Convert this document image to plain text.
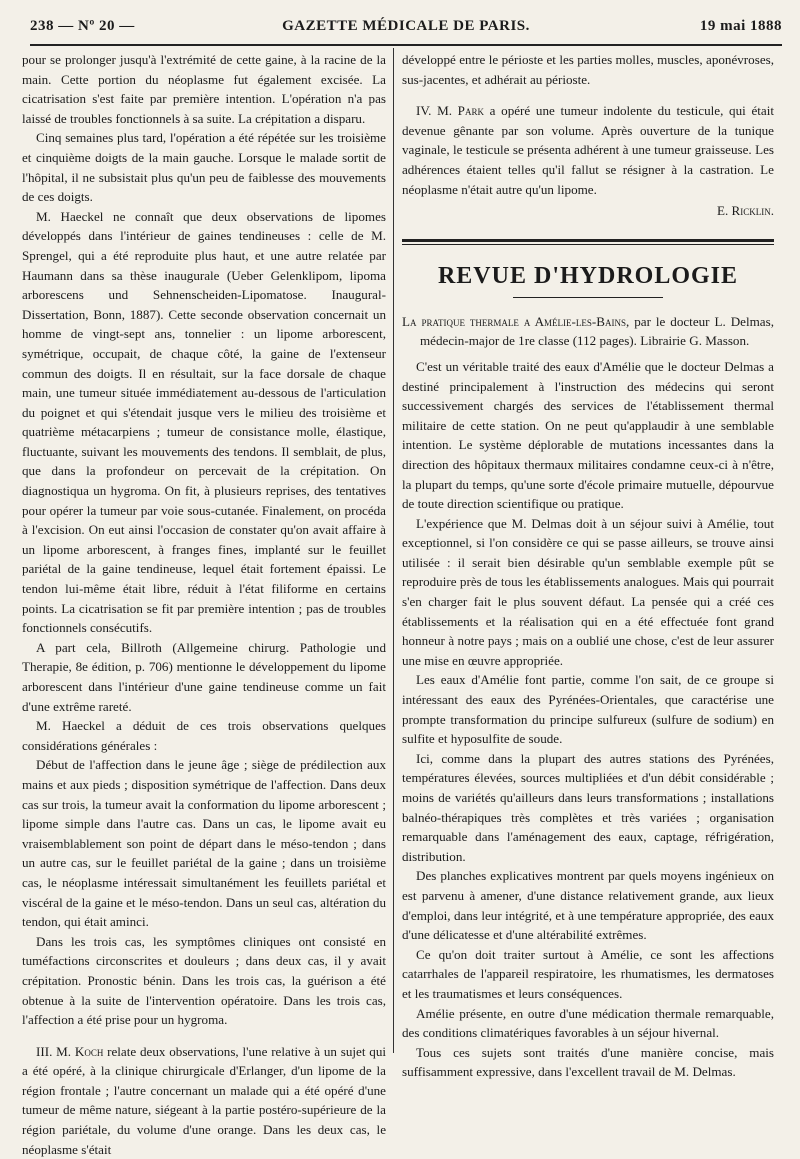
238 — Nº 20 —	GAZETTE MÉDICALE DE PARIS.	19 mai 1888

pour se prolonger jusqu'à l'extrémité de cette gaine, à la racine de la main. Cette portion du néoplasme fut également excisée. La cicatrisation s'est faite par première intention. L'opération n'a pas laissé de troubles fonctionnels à sa suite. La crépitation a disparu.

Cinq semaines plus tard, l'opération a été répétée sur les troisième et cinquième doigts de la main gauche. Lorsque le malade sortit de l'hôpital, il ne subsistait plus qu'un peu de faiblesse des mouvements de ces doigts.

M. Haeckel ne connaît que deux observations de lipomes développés dans l'intérieur de gaines tendineuses : celle de M. Sprengel, qui a été reproduite plus haut, et une autre relatée par Haumann dans sa thèse inaugurale (Ueber Gelenklipom, lipoma arborescens und Sehnenscheiden-Lipomatose. Inaugural-Dissertation, Bonn, 1887). Cette seconde observation concernait un homme de vingt-sept ans, tonnelier : un lipome arborescent, symétrique, occupait, de chaque côté, la gaine de l'extenseur commun des doigts. Il en résultait, sur la face dorsale de chaque main, une tumeur située immédiatement au-dessous de l'articulation du poignet et qui s'étendait jusque vers le milieu des troisième et quatrième métacarpiens ; tumeur de consistance molle, élastique, fluctuante, suivant les mouvements des tendons. Il semblait, de plus, que dans la profondeur on percevait de la crépitation. On diagnostiqua un hygroma. On fit, à plusieurs reprises, des tentatives pour opérer la tumeur par voie sous-cutanée. Finalement, on procéda à l'excision. On eut ainsi l'occasion de constater qu'on avait affaire à un lipome arborescent, à franges fines, implanté sur le feuillet pariétal de la gaine tendineuse, lequel était fortement épaissi. Le tendon lui-même était libre, réduit à l'état filiforme en certains points. La cicatrisation se fit par première intention ; pas de troubles fonctionnels consécutifs.

A part cela, Billroth (Allgemeine chirurg. Pathologie und Therapie, 8e édition, p. 706) mentionne le développement du lipome arborescent dans l'intérieur d'une gaine tendineuse comme un fait d'une extrême rareté.

M. Haeckel a déduit de ces trois observations quelques considérations générales :

Début de l'affection dans le jeune âge ; siège de prédilection aux mains et aux pieds ; disposition symétrique de l'affection. Dans deux cas sur trois, la tumeur avait la conformation du lipome arborescent ; lipome simple dans l'autre cas. Dans un cas, le lipome avait eu vraisemblablement son point de départ dans le méso-tendon ; dans un autre cas, sur le feuillet pariétal de la gaine ; dans un troisième cas, le néoplasme intéressait simultanément les feuillets pariétal et viscéral de la gaine et le méso-tendon. Dans un seul cas, altération du tendon, qui était aminci.

Dans les trois cas, les symptômes cliniques ont consisté en tuméfactions circonscrites et douleurs ; dans deux cas, il y avait crépitation. Pronostic bénin. Dans les trois cas, la guérison a été obtenue à la suite de l'intervention opératoire. Dans les trois cas, l'affection a été prise pour un hygroma.

III. M. Koch relate deux observations, l'une relative à un sujet qui a été opéré, à la clinique chirurgicale d'Erlanger, d'un lipome de la région frontale ; l'autre concernant un malade qui a été opéré d'une tumeur de même nature, siégeant à la partie postéro-supérieure de la région pariétale, du volume d'une orange. Dans les deux cas, le néoplasme s'était

développé entre le périoste et les parties molles, muscles, aponévroses, sus-jacentes, et adhérait au périoste.

IV. M. Park a opéré une tumeur indolente du testicule, qui était devenue gênante par son volume. Après ouverture de la tunique vaginale, le testicule se présenta adhérent à une tumeur graisseuse. Les adhérences étaient telles qu'il fallut se résigner à la castration. Le néoplasme n'était autre qu'un lipome.

E. Ricklin.
REVUE D'HYDROLOGIE

La pratique thermale a Amélie-les-Bains, par le docteur L. Delmas, médecin-major de 1re classe (112 pages). Librairie G. Masson.

C'est un véritable traité des eaux d'Amélie que le docteur Delmas a destiné principalement à l'instruction des médecins qui seront successivement chargés des services de l'établissement thermal militaire de cette station. On ne peut qu'applaudir à une semblable intention. Le système déplorable de mutations incessantes dans la direction des hôpitaux thermaux militaires condamne ceux-ci à n'être, la plupart du temps, qu'une sorte d'école primaire mutuelle, dépourvue de toute direction scientifique ou pratique.

L'expérience que M. Delmas doit à un séjour suivi à Amélie, tout exceptionnel, si l'on considère ce qui se passe ailleurs, se trouve ainsi utilisée : il serait bien désirable qu'un semblable exemple pût se reproduire près de tous les établissements analogues. Mais qui pourrait s'en charger fait le plus souvent défaut. La pensée qui a créé ces établissements et la réalisation qui en a été effectuée font grand honneur à notre pays ; mais on a oublié une chose, c'est de leur assurer une mise en œuvre appropriée.

Les eaux d'Amélie font partie, comme l'on sait, de ce groupe si intéressant des eaux des Pyrénées-Orientales, que caractérise une prompte transformation du principe sulfureux (sulfure de sodium) en sulfite et hyposulfite de soude.

Ici, comme dans la plupart des autres stations des Pyrénées, températures élevées, sources multipliées et d'un débit considérable ; moins de variétés qu'ailleurs dans leurs transformations ; installations balnéo-thérapiques très complètes et très variées ; organisation remarquable dans l'aménagement des eaux, captage, réfrigération, distribution.

Des planches explicatives montrent par quels moyens ingénieux on est parvenu à amener, d'une distance relativement grande, aux lieux d'emploi, dans leur intégrité, et à une température appropriée, des eaux d'une délicatesse et d'une altérabilité extrêmes.

Ce qu'on doit traiter surtout à Amélie, ce sont les affections catarrhales de l'appareil respiratoire, les rhumatismes, les dermatoses et les traumatismes et leurs conséquences.

Amélie présente, en outre d'une médication thermale remarquable, des conditions climatériques favorables à un séjour hivernal.

Tous ces sujets sont traités d'une manière concise, mais suffisamment expressive, dans l'excellent travail de M. Delmas.
